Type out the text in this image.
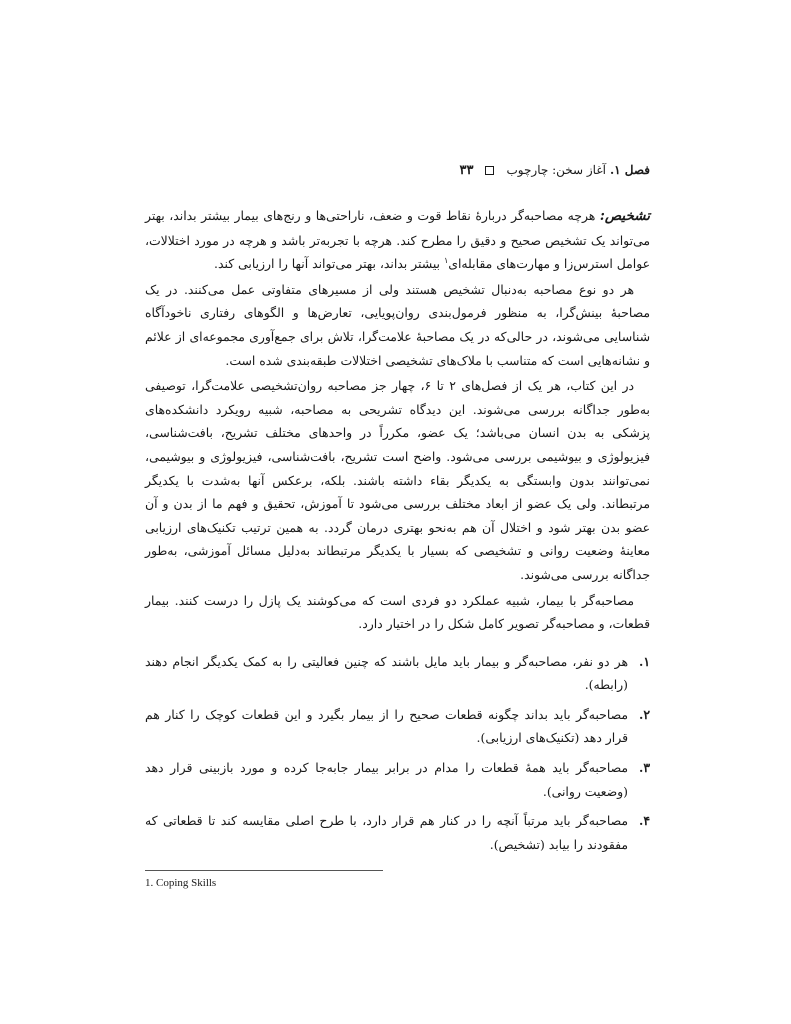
فصل ۱.
آغاز سخن: چارچوب
۳۳

تشخیص: هرچه مصاحبه‌گر دربارهٔ نقاط قوت و ضعف، ناراحتی‌ها و رنج‌های بیمار بیشتر بداند، بهتر می‌تواند یک تشخیص صحیح و دقیق را مطرح کند. هرچه با تجربه‌تر باشد و هرچه در مورد اختلالات، عوامل استرس‌زا و مهارت‌های مقابله‌ای$^۱$ بیشتر بداند، بهتر می‌تواند آنها را ارزیابی کند.

هر دو نوع مصاحبه به‌دنبال تشخیص هستند ولی از مسیرهای متفاوتی عمل می‌کنند. در یک مصاحبهٔ بینش‌گرا، به منظور فرمول‌بندی روان‌پویایی، تعارض‌ها و الگوهای رفتاری ناخودآگاه شناسایی می‌شوند، در حالی‌که در یک مصاحبهٔ علامت‌گرا، تلاش برای جمع‌آوری مجموعه‌ای از علائم و نشانه‌هایی است که متناسب با ملاک‌های تشخیصی اختلالات طبقه‌بندی شده است.

در این کتاب، هر یک از فصل‌های ۲ تا ۶، چهار جز مصاحبه روان‌تشخیصی علامت‌گرا، توصیفی به‌طور جداگانه بررسی می‌شوند. این دیدگاه تشریحی به مصاحبه، شبیه رویکرد دانشکده‌های پزشکی به بدن انسان می‌باشد؛ یک عضو، مکرراً در واحدهای مختلف تشریح، بافت‌شناسی، فیزیولوژی و بیوشیمی بررسی می‌شود. واضح است تشریح، بافت‌شناسی، فیزیولوژی و بیوشیمی، نمی‌توانند بدون وابستگی به یکدیگر بقاء داشته باشند. بلکه، برعکس آنها به‌شدت با یکدیگر مرتبطاند. ولی یک عضو از ابعاد مختلف بررسی می‌شود تا آموزش، تحقیق و فهم ما از بدن و آن عضو بدن بهتر شود و اختلال آن هم به‌نحو بهتری درمان گردد. به همین ترتیب تکنیک‌های ارزیابی معاینهٔ وضعیت روانی و تشخیصی که بسیار با یکدیگر مرتبطاند به‌دلیل مسائل آموزشی، به‌طور جداگانه بررسی می‌شوند.

مصاحبه‌گر با بیمار، شبیه عملکرد دو فردی است که می‌کوشند یک پازل را درست کنند. بیمار قطعات، و مصاحبه‌گر تصویر کامل شکل را در اختیار دارد.

۱.
هر دو نفر، مصاحبه‌گر و بیمار باید مایل باشند که چنین فعالیتی را به کمک یکدیگر انجام دهند (رابطه).
۲.
مصاحبه‌گر باید بداند چگونه قطعات صحیح را از بیمار بگیرد و این قطعات کوچک را کنار هم قرار دهد (تکنیک‌های ارزیابی).
۳.
مصاحبه‌گر باید همهٔ قطعات را مدام در برابر بیمار جابه‌جا کرده و مورد بازبینی قرار دهد (وضعیت روانی).
۴.
مصاحبه‌گر باید مرتباً آنچه را در کنار هم قرار دارد، با طرح اصلی مقایسه کند تا قطعاتی که مفقودند را بیابد (تشخیص).
1. Coping Skills
